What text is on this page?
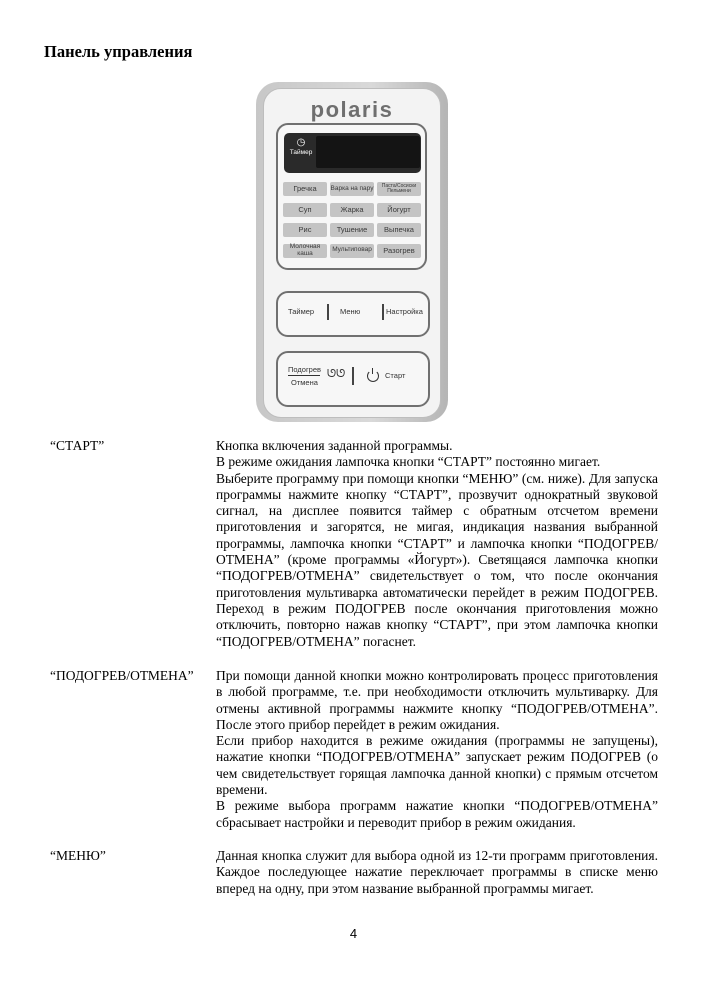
Панель управления
polaris
◷
Таймер
Гречка	Варка на пару	Паста/Сосиски Пельмени
Суп	Жарка	Йогурт
Рис	Тушение	Выпечка
Молочная каша	Мультиповар	Разогрев
Таймер	Меню	Настройка
Подогрев
Отмена
ᘎᘎ	Старт
“СТАРТ”	Кнопка включения заданной программы.

В режиме ожидания лампочка кнопки “СТАРТ” постоянно мигает.

Выберите программу при помощи кнопки “МЕНЮ” (см. ниже). Для запуска программы нажмите кнопку “СТАРТ”, прозвучит однократный звуковой сигнал, на дисплее появится таймер с обратным отсчетом времени приготовления и загорятся, не мигая, индикация названия выбранной программы, лампочка кнопки “СТАРТ” и лампочка кнопки “ПОДОГРЕВ/ОТМЕНА” (кроме программы «Йогурт»). Светящаяся лампочка кнопки “ПОДОГРЕВ/ОТМЕНА” свидетельствует о том, что после окончания приготовления мультиварка автоматически перейдет в режим ПОДОГРЕВ. Переход в режим ПОДОГРЕВ после окончания приготовления можно отключить, повторно нажав кнопку “СТАРТ”, при этом лампочка кнопки “ПОДОГРЕВ/ОТМЕНА” погаснет.

“ПОДОГРЕВ/ОТМЕНА” При помощи данной кнопки можно контролировать процесс приготовления в любой программе, т.е. при необходимости отключить мультиварку. Для отмены активной программы нажмите кнопку “ПОДОГРЕВ/ОТМЕНА”. После этого прибор перейдет в режим ожидания.

Если прибор находится в режиме ожидания (программы не запущены), нажатие кнопки “ПОДОГРЕВ/ОТМЕНА” запускает режим ПОДОГРЕВ (о чем свидетельствует горящая лампочка данной кнопки) с прямым отсчетом времени.

В режиме выбора программ нажатие кнопки “ПОДОГРЕВ/ОТМЕНА” сбрасывает настройки и переводит прибор в режим ожидания.

“МЕНЮ”	Данная кнопка служит для выбора одной из 12-ти программ приготовления. Каждое последующее нажатие переключает программы в списке меню вперед на одну, при этом название выбранной программы мигает.

4
